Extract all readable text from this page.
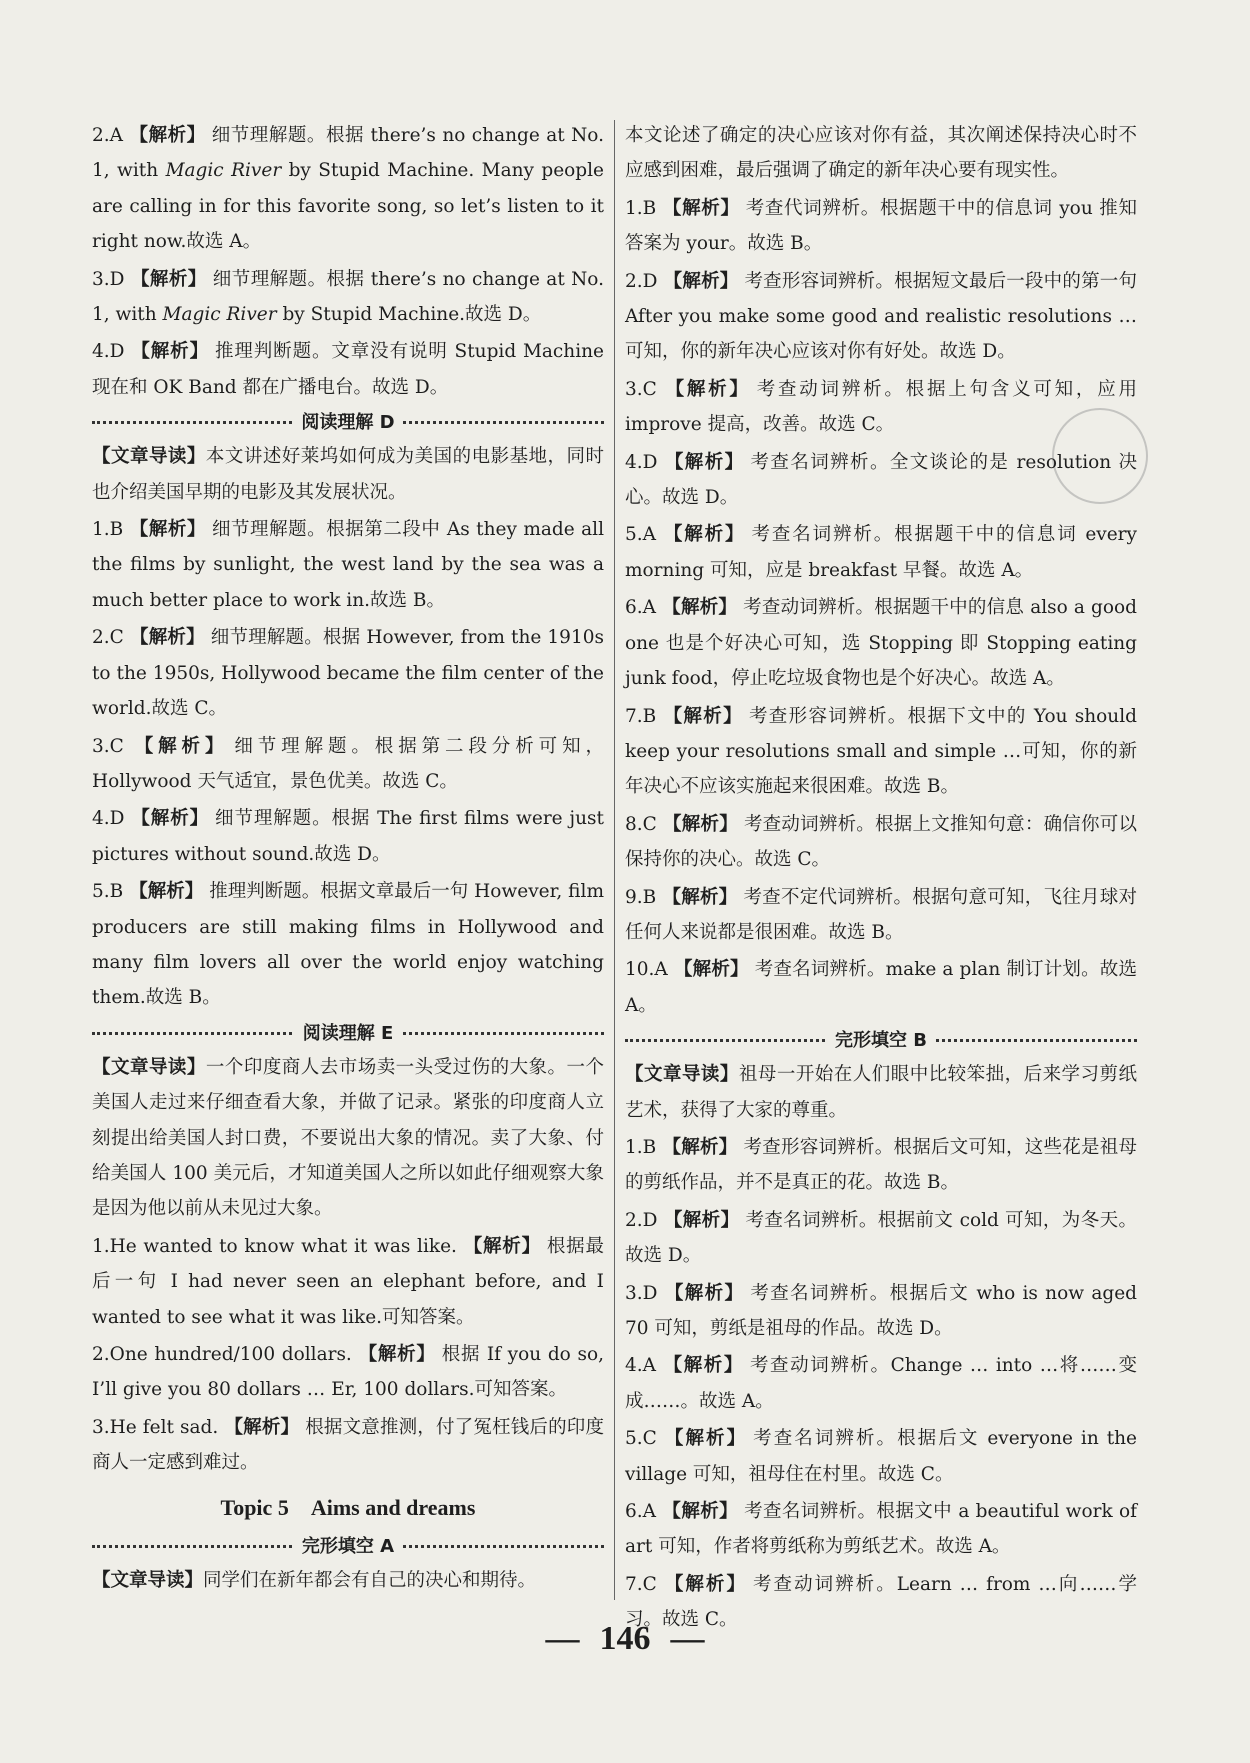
2.A 【解析】 细节理解题。根据 there’s no change at No. 1, with Magic River by Stupid Machine. Many people are calling in for this favorite song, so let’s listen to it right now.故选 A。

3.D 【解析】 细节理解题。根据 there’s no change at No. 1, with Magic River by Stupid Machine.故选 D。

4.D 【解析】 推理判断题。文章没有说明 Stupid Machine 现在和 OK Band 都在广播电台。故选 D。

阅读理解 D

【文章导读】本文讲述好莱坞如何成为美国的电影基地，同时也介绍美国早期的电影及其发展状况。

1.B 【解析】 细节理解题。根据第二段中 As they made all the films by sunlight, the west land by the sea was a much better place to work in.故选 B。

2.C 【解析】 细节理解题。根据 However, from the 1910s to the 1950s, Hollywood became the film center of the world.故选 C。

3.C 【解析】 细节理解题。根据第二段分析可知，Hollywood 天气适宜，景色优美。故选 C。

4.D 【解析】 细节理解题。根据 The first films were just pictures without sound.故选 D。

5.B 【解析】 推理判断题。根据文章最后一句 However, film producers are still making films in Hollywood and many film lovers all over the world enjoy watching them.故选 B。

阅读理解 E

【文章导读】一个印度商人去市场卖一头受过伤的大象。一个美国人走过来仔细查看大象，并做了记录。紧张的印度商人立刻提出给美国人封口费，不要说出大象的情况。卖了大象、付给美国人 100 美元后，才知道美国人之所以如此仔细观察大象是因为他以前从未见过大象。

1.He wanted to know what it was like. 【解析】 根据最后一句 I had never seen an elephant before, and I wanted to see what it was like.可知答案。

2.One hundred/100 dollars. 【解析】 根据 If you do so, I’ll give you 80 dollars … Er, 100 dollars.可知答案。

3.He felt sad. 【解析】 根据文意推测，付了冤枉钱后的印度商人一定感到难过。

Topic 5 Aims and dreams
完形填空 A

【文章导读】同学们在新年都会有自己的决心和期待。

本文论述了确定的决心应该对你有益，其次阐述保持决心时不应感到困难，最后强调了确定的新年决心要有现实性。

1.B 【解析】 考查代词辨析。根据题干中的信息词 you 推知答案为 your。故选 B。

2.D 【解析】 考查形容词辨析。根据短文最后一段中的第一句 After you make some good and realistic resolutions …可知，你的新年决心应该对你有好处。故选 D。

3.C 【解析】 考查动词辨析。根据上句含义可知，应用 improve 提高，改善。故选 C。

4.D 【解析】 考查名词辨析。全文谈论的是 resolution 决心。故选 D。

5.A 【解析】 考查名词辨析。根据题干中的信息词 every morning 可知，应是 breakfast 早餐。故选 A。

6.A 【解析】 考查动词辨析。根据题干中的信息 also a good one 也是个好决心可知，选 Stopping 即 Stopping eating junk food，停止吃垃圾食物也是个好决心。故选 A。

7.B 【解析】 考查形容词辨析。根据下文中的 You should keep your resolutions small and simple …可知，你的新年决心不应该实施起来很困难。故选 B。

8.C 【解析】 考查动词辨析。根据上文推知句意：确信你可以保持你的决心。故选 C。

9.B 【解析】 考查不定代词辨析。根据句意可知，飞往月球对任何人来说都是很困难。故选 B。

10.A 【解析】 考查名词辨析。make a plan 制订计划。故选 A。

完形填空 B

【文章导读】祖母一开始在人们眼中比较笨拙，后来学习剪纸艺术，获得了大家的尊重。

1.B 【解析】 考查形容词辨析。根据后文可知，这些花是祖母的剪纸作品，并不是真正的花。故选 B。

2.D 【解析】 考查名词辨析。根据前文 cold 可知，为冬天。故选 D。

3.D 【解析】 考查名词辨析。根据后文 who is now aged 70 可知，剪纸是祖母的作品。故选 D。

4.A 【解析】 考查动词辨析。Change … into …将……变成……。故选 A。

5.C 【解析】 考查名词辨析。根据后文 everyone in the village 可知，祖母住在村里。故选 C。

6.A 【解析】 考查名词辨析。根据文中 a beautiful work of art 可知，作者将剪纸称为剪纸艺术。故选 A。

7.C 【解析】 考查动词辨析。Learn … from …向……学习。故选 C。

— 146 —
